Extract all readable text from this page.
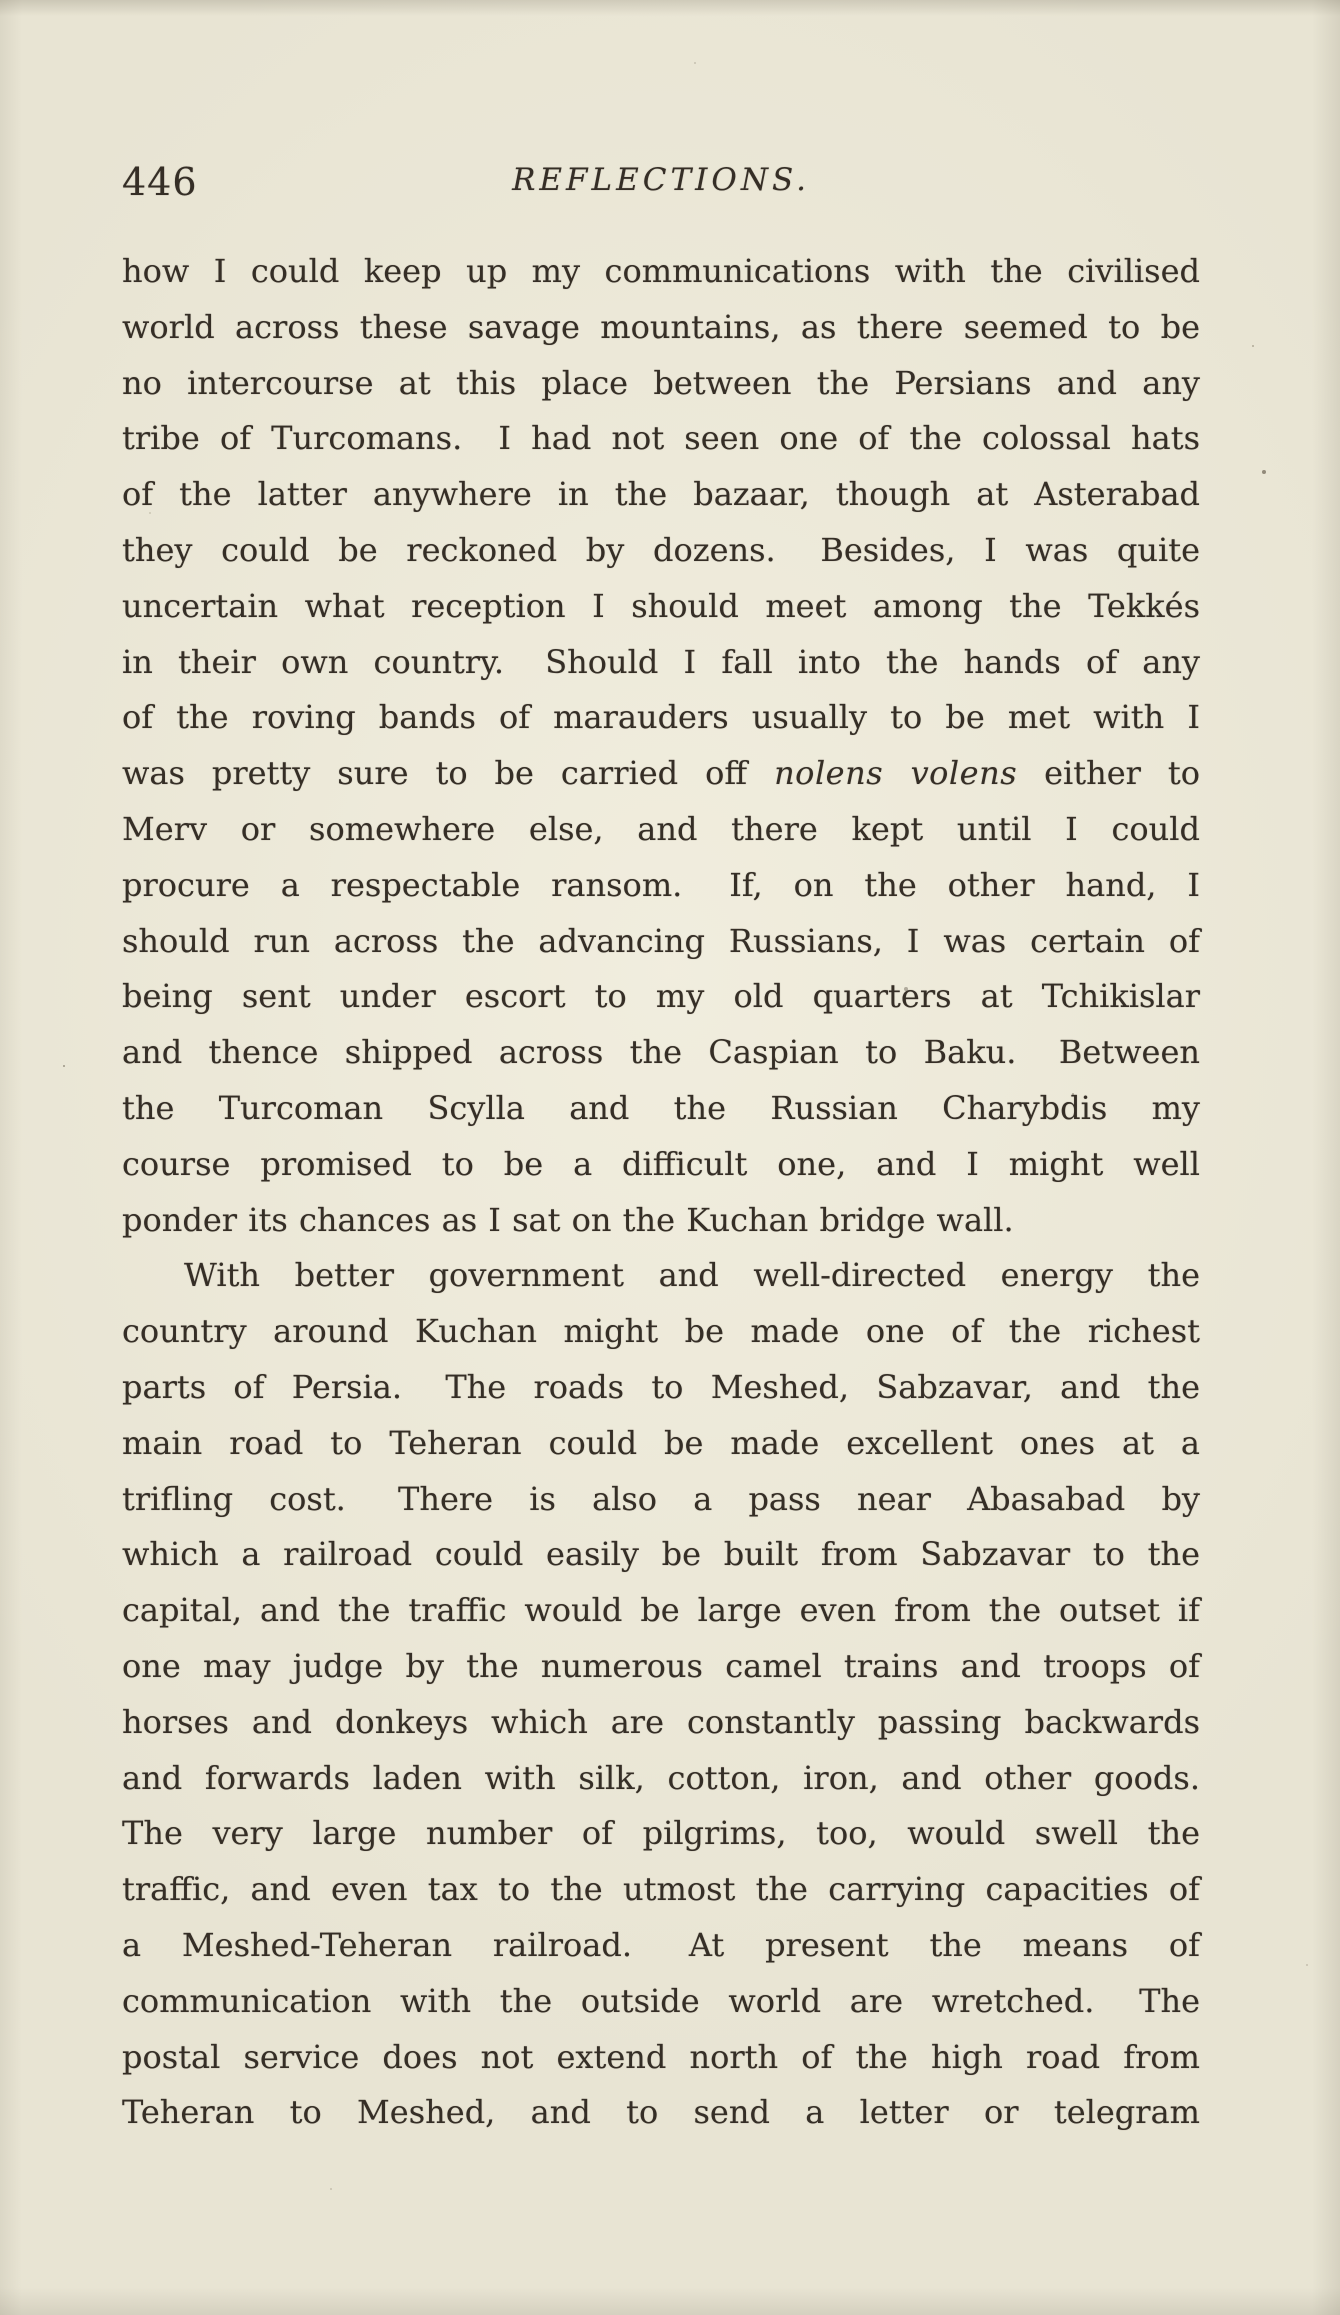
446	REFLECTIONS.
how I could keep up my communications with the civilised
world across these savage mountains, as there seemed to be
no intercourse at this place between the Persians and any
tribe of Turcomans.  I had not seen one of the colossal hats
of the latter anywhere in the bazaar, though at Asterabad
they could be reckoned by dozens.  Besides, I was quite
uncertain what reception I should meet among the Tekkés
in their own country.  Should I fall into the hands of any
of the roving bands of marauders usually to be met with I
was pretty sure to be carried off nolens volens either to
Merv or somewhere else, and there kept until I could
procure a respectable ransom.  If, on the other hand, I
should run across the advancing Russians, I was certain of
being sent under escort to my old quarters at Tchikislar
and thence shipped across the Caspian to Baku.  Between
the Turcoman Scylla and the Russian Charybdis my
course promised to be a difficult one, and I might well
ponder its chances as I sat on the Kuchan bridge wall.
With better government and well-directed energy the
country around Kuchan might be made one of the richest
parts of Persia.  The roads to Meshed, Sabzavar, and the
main road to Teheran could be made excellent ones at a
trifling cost.  There is also a pass near Abasabad by
which a railroad could easily be built from Sabzavar to the
capital, and the traffic would be large even from the outset if
one may judge by the numerous camel trains and troops of
horses and donkeys which are constantly passing backwards
and forwards laden with silk, cotton, iron, and other goods.
The very large number of pilgrims, too, would swell the
traffic, and even tax to the utmost the carrying capacities of
a Meshed-Teheran railroad.  At present the means of
communication with the outside world are wretched.  The
postal service does not extend north of the high road from
Teheran to Meshed, and to send a letter or telegram
